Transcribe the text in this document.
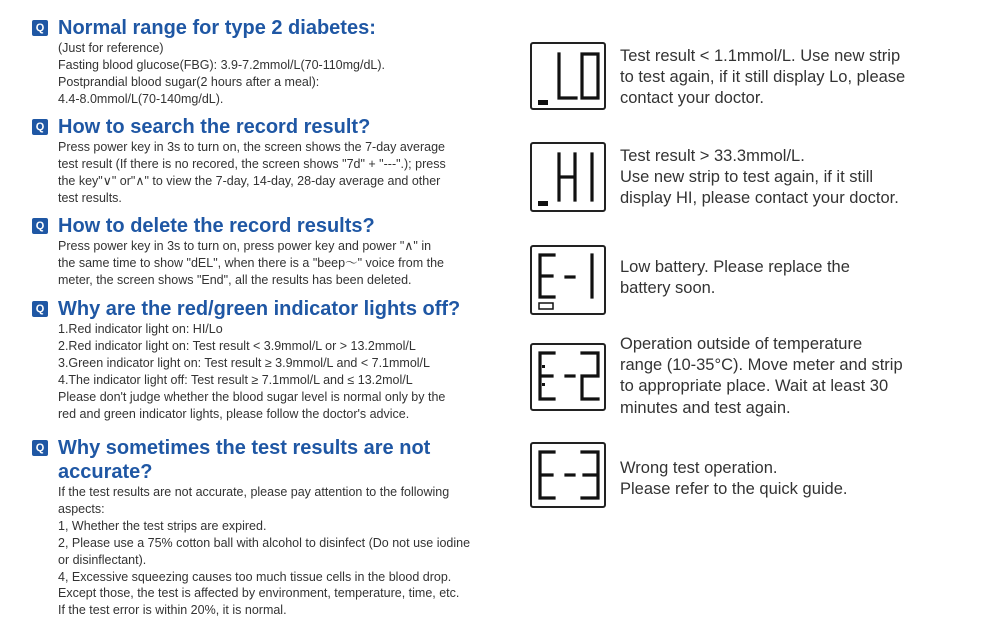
Q Normal range for type 2 diabetes:
(Just for reference)
Fasting blood glucose(FBG): 3.9-7.2mmol/L(70-110mg/dL).
Postprandial blood sugar(2 hours after a meal):
4.4-8.0mmol/L(70-140mg/dL).
Q How to search the record result?
Press power key in 3s to turn on, the screen shows the 7-day average
test result (If there is no recored, the screen shows "7d" + "---".); press
the key"∨" or"∧" to view the 7-day, 14-day, 28-day average and other
test results.
Q How to delete the record results?
Press power key in 3s to turn on, press power key and power "∧" in
the same time to show "dEL", when there is a "beep～" voice from the
meter, the screen shows "End", all the results has been deleted.
Q Why are the red/green indicator lights off?
1.Red indicator light on: HI/Lo
2.Red indicator light on: Test result < 3.9mmol/L or > 13.2mmol/L
3.Green indicator light on: Test result ≥ 3.9mmol/L and < 7.1mmol/L
4.The indicator light off: Test result ≥ 7.1mmol/L and ≤ 13.2mol/L
Please don't judge whether the blood sugar level is normal only by the
red and green indicator lights, please follow the doctor's advice.
Q Why sometimes the test results are not accurate?
If the test results are not accurate, please pay attention to the following
aspects:
1, Whether the test strips are expired.
2, Please use a 75% cotton ball with alcohol to disinfect (Do not use iodine
or disinflectant).
4, Excessive squeezing causes too much tissue cells in the blood drop.
Except those, the test is affected by environment, temperature, time, etc.
If the test error is within 20%, it is normal.
Test result < 1.1mmol/L. Use new strip
to test again, if it still display Lo, please
contact your doctor.
Test result > 33.3mmol/L.
Use new strip to test again, if it still
display HI, please contact your doctor.
Low battery. Please replace the
battery soon.
Operation outside of temperature
range (10-35°C). Move meter and strip
to appropriate place. Wait at least 30
minutes and test again.
Wrong test operation.
Please refer to the quick guide.
